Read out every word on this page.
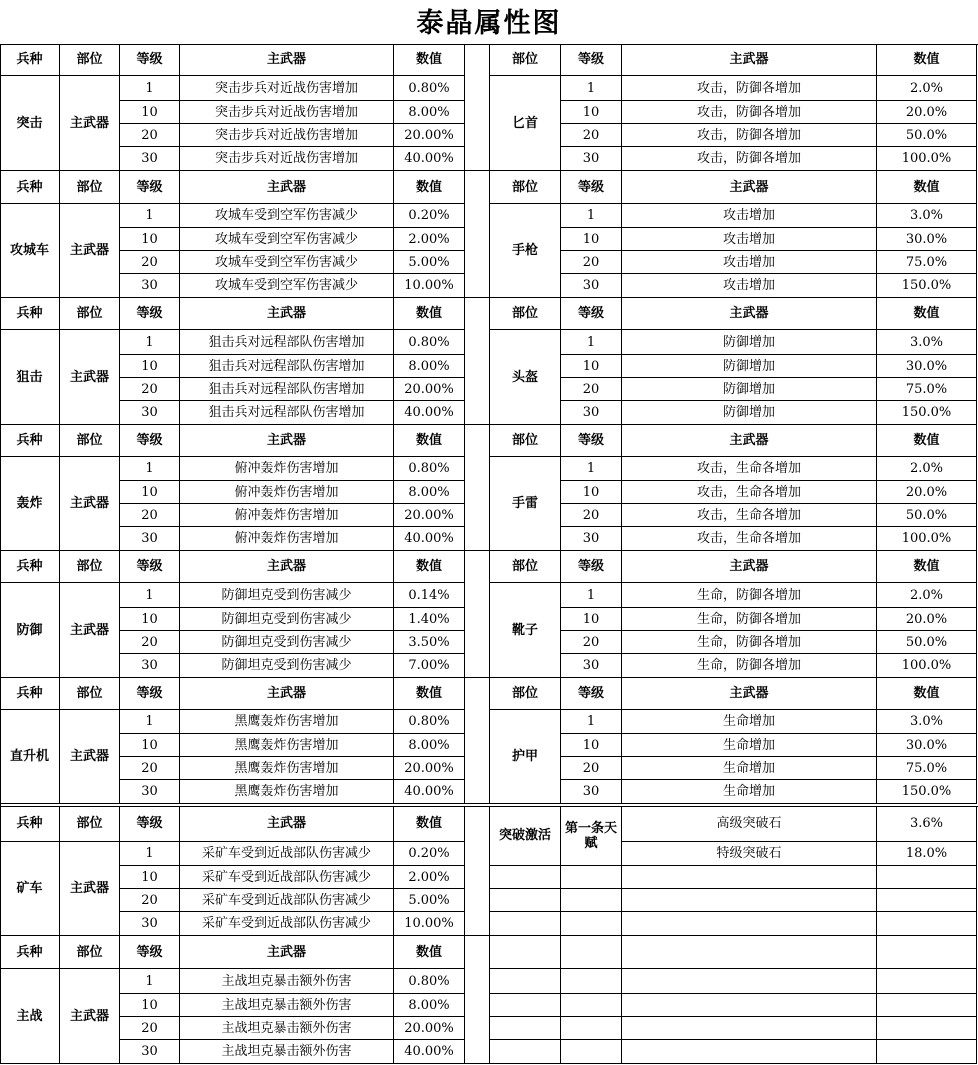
泰晶属性图
兵种	部位	等级	主武器	数值
突击	主武器
1	突击步兵对近战伤害增加	0.80%
10	突击步兵对近战伤害增加	8.00%
20	突击步兵对近战伤害增加	20.00%
30	突击步兵对近战伤害增加	40.00%
部位	等级	主武器	数值
匕首
1	攻击，防御各增加	2.0%
10	攻击，防御各增加	20.0%
20	攻击，防御各增加	50.0%
30	攻击，防御各增加	100.0%
兵种	部位	等级	主武器	数值
攻城车	主武器
1	攻城车受到空军伤害减少	0.20%
10	攻城车受到空军伤害减少	2.00%
20	攻城车受到空军伤害减少	5.00%
30	攻城车受到空军伤害减少	10.00%
部位	等级	主武器	数值
手枪
1	攻击增加	3.0%
10	攻击增加	30.0%
20	攻击增加	75.0%
30	攻击增加	150.0%
兵种	部位	等级	主武器	数值
狙击	主武器
1	狙击兵对远程部队伤害增加	0.80%
10	狙击兵对远程部队伤害增加	8.00%
20	狙击兵对远程部队伤害增加	20.00%
30	狙击兵对远程部队伤害增加	40.00%
部位	等级	主武器	数值
头盔
1	防御增加	3.0%
10	防御增加	30.0%
20	防御增加	75.0%
30	防御增加	150.0%
兵种	部位	等级	主武器	数值
轰炸	主武器
1	俯冲轰炸伤害增加	0.80%
10	俯冲轰炸伤害增加	8.00%
20	俯冲轰炸伤害增加	20.00%
30	俯冲轰炸伤害增加	40.00%
部位	等级	主武器	数值
手雷
1	攻击，生命各增加	2.0%
10	攻击，生命各增加	20.0%
20	攻击，生命各增加	50.0%
30	攻击，生命各增加	100.0%
兵种	部位	等级	主武器	数值
防御	主武器
1	防御坦克受到伤害减少	0.14%
10	防御坦克受到伤害减少	1.40%
20	防御坦克受到伤害减少	3.50%
30	防御坦克受到伤害减少	7.00%
部位	等级	主武器	数值
靴子
1	生命，防御各增加	2.0%
10	生命，防御各增加	20.0%
20	生命，防御各增加	50.0%
30	生命，防御各增加	100.0%
兵种	部位	等级	主武器	数值
直升机	主武器
1	黑鹰轰炸伤害增加	0.80%
10	黑鹰轰炸伤害增加	8.00%
20	黑鹰轰炸伤害增加	20.00%
30	黑鹰轰炸伤害增加	40.00%
部位	等级	主武器	数值
护甲
1	生命增加	3.0%
10	生命增加	30.0%
20	生命增加	75.0%
30	生命增加	150.0%
兵种	部位	等级	主武器	数值
矿车	主武器
1	采矿车受到近战部队伤害减少	0.20%
10	采矿车受到近战部队伤害减少	2.00%
20	采矿车受到近战部队伤害减少	5.00%
30	采矿车受到近战部队伤害减少	10.00%
突破激活	第一条天赋
高级突破石	3.6%
特级突破石	18.0%
兵种	部位	等级	主武器	数值
主战	主武器
1	主战坦克暴击额外伤害	0.80%
10	主战坦克暴击额外伤害	8.00%
20	主战坦克暴击额外伤害	20.00%
30	主战坦克暴击额外伤害	40.00%
